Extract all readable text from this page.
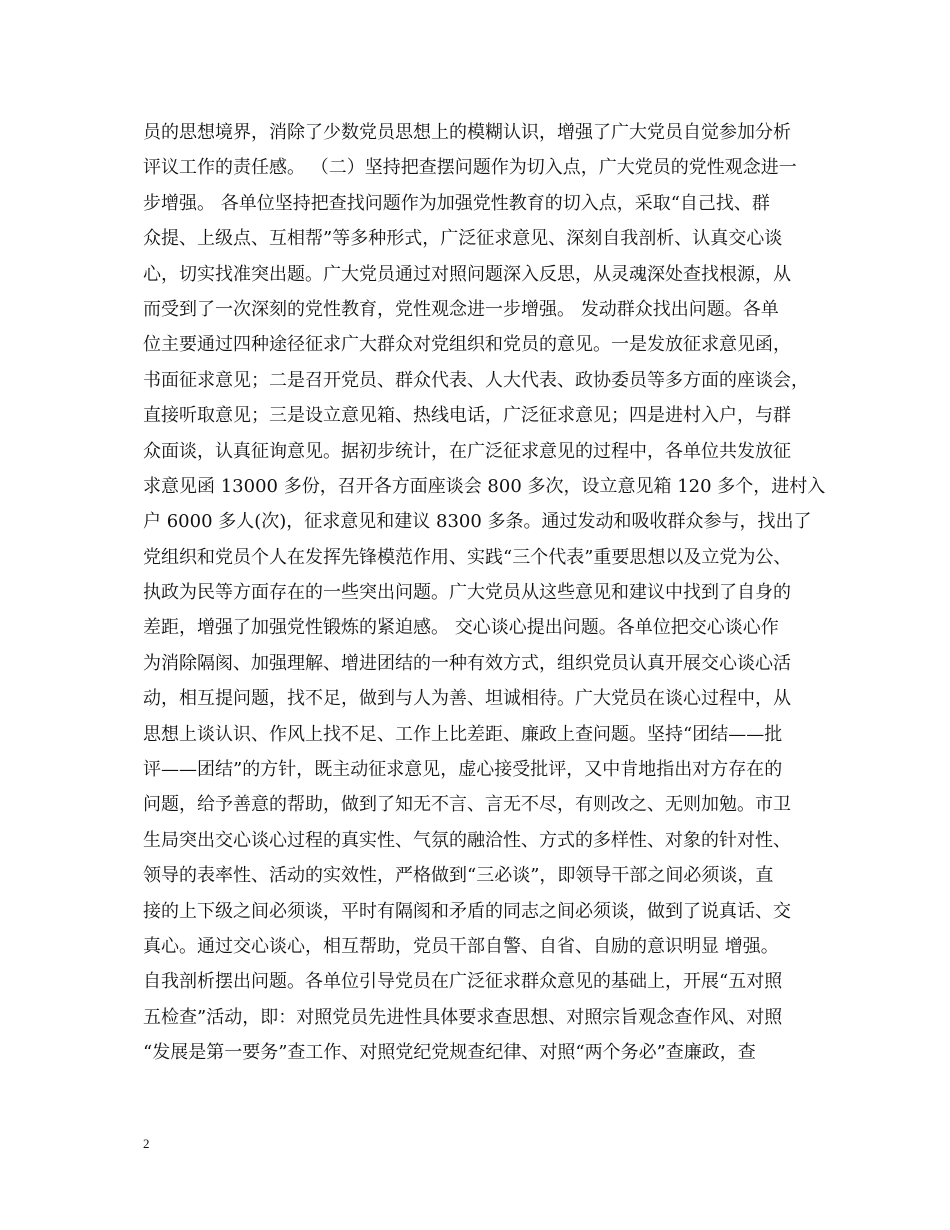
员的思想境界，消除了少数党员思想上的模糊认识，增强了广大党员自觉参加分析
评议工作的责任感。 （二）坚持把查摆问题作为切入点，广大党员的党性观念进一
步增强。 各单位坚持把查找问题作为加强党性教育的切入点，采取“自己找、群
众提、上级点、互相帮”等多种形式，广泛征求意见、深刻自我剖析、认真交心谈
心，切实找准突出题。广大党员通过对照问题深入反思，从灵魂深处查找根源，从
而受到了一次深刻的党性教育，党性观念进一步增强。 发动群众找出问题。各单
位主要通过四种途径征求广大群众对党组织和党员的意见。一是发放征求意见函，
书面征求意见；二是召开党员、群众代表、人大代表、政协委员等多方面的座谈会，
直接听取意见；三是设立意见箱、热线电话，广泛征求意见；四是进村入户，与群
众面谈，认真征询意见。据初步统计，在广泛征求意见的过程中，各单位共发放征
求意见函 13000 多份，召开各方面座谈会 800 多次，设立意见箱 120 多个，进村入
户 6000 多人(次)，征求意见和建议 8300 多条。通过发动和吸收群众参与，找出了
党组织和党员个人在发挥先锋模范作用、实践“三个代表”重要思想以及立党为公、
执政为民等方面存在的一些突出问题。广大党员从这些意见和建议中找到了自身的
差距，增强了加强党性锻炼的紧迫感。 交心谈心提出问题。各单位把交心谈心作
为消除隔阂、加强理解、增进团结的一种有效方式，组织党员认真开展交心谈心活
动，相互提问题，找不足，做到与人为善、坦诚相待。广大党员在谈心过程中，从
思想上谈认识、作风上找不足、工作上比差距、廉政上查问题。坚持“团结——批
评——团结”的方针，既主动征求意见，虚心接受批评，又中肯地指出对方存在的
问题，给予善意的帮助，做到了知无不言、言无不尽，有则改之、无则加勉。市卫
生局突出交心谈心过程的真实性、气氛的融洽性、方式的多样性、对象的针对性、
领导的表率性、活动的实效性，严格做到“三必谈”，即领导干部之间必须谈，直
接的上下级之间必须谈，平时有隔阂和矛盾的同志之间必须谈，做到了说真话、交
真心。通过交心谈心，相互帮助，党员干部自警、自省、自励的意识明显 增强。
自我剖析摆出问题。各单位引导党员在广泛征求群众意见的基础上，开展“五对照
五检查”活动，即：对照党员先进性具体要求查思想、对照宗旨观念查作风、对照
“发展是第一要务”查工作、对照党纪党规查纪律、对照“两个务必”查廉政，查
2
